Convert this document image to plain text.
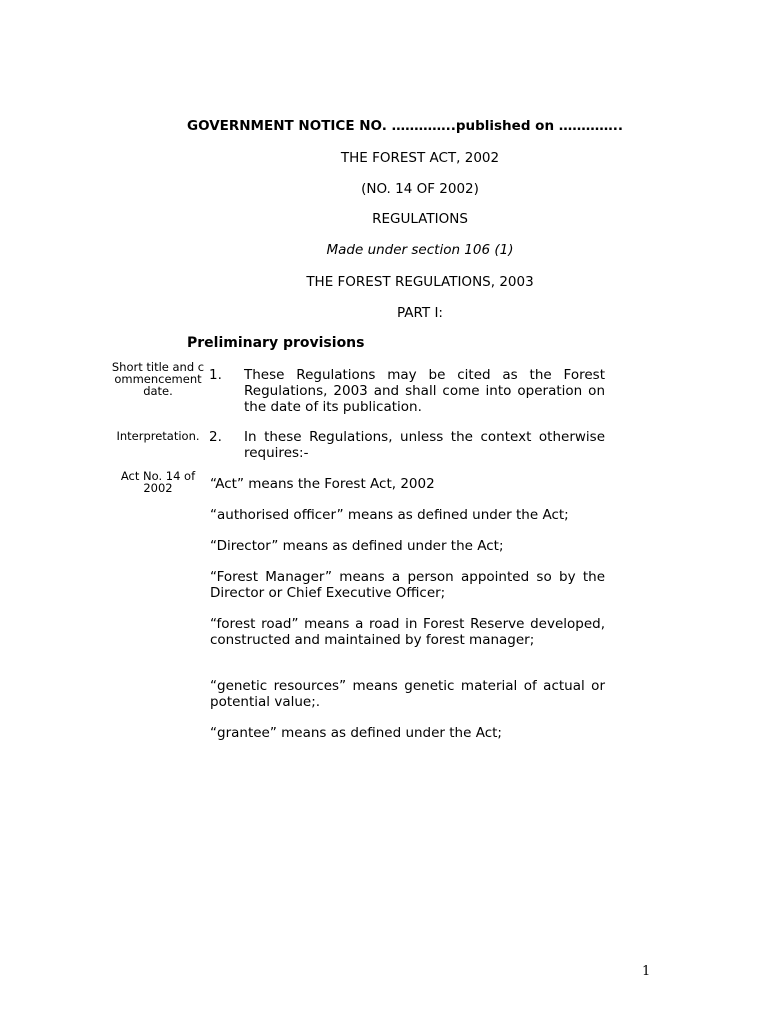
GOVERNMENT NOTICE NO. …………..published on …………..
THE FOREST ACT, 2002
(NO. 14 OF 2002)
REGULATIONS
Made under section 106 (1)
THE FOREST REGULATIONS, 2003
PART I:
Preliminary provisions
Short title and commencement date.
1. These Regulations may be cited as the Forest Regulations, 2003 and shall come into operation on the date of its publication.
Interpretation. 2. In these Regulations, unless the context otherwise requires:-
Act No. 14 of 2002	“Act” means the Forest Act, 2002
“authorised officer” means as defined under the Act;
“Director” means as defined under the Act;
“Forest Manager” means a person appointed so by the Director or Chief Executive Officer;
“forest road” means a road in Forest Reserve developed, constructed and maintained by forest manager;
“genetic resources” means genetic material of actual or potential value;.
“grantee” means as defined under the Act;
1
